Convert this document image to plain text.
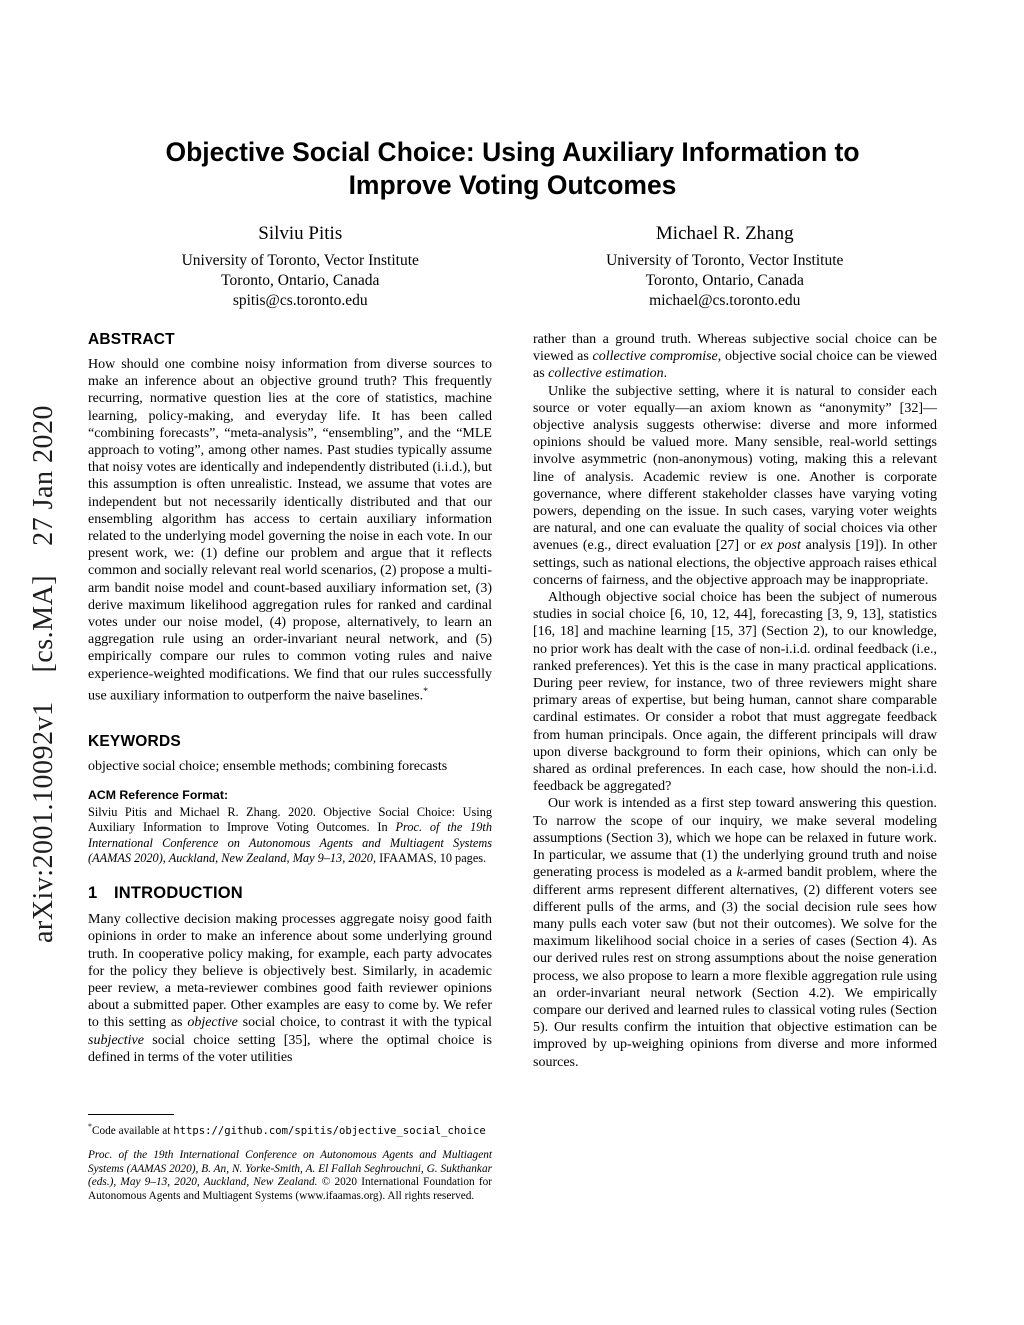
arXiv:2001.10092v1  [cs.MA]  27 Jan 2020
Objective Social Choice: Using Auxiliary Information to
Improve Voting Outcomes
Silviu Pitis
University of Toronto, Vector Institute
Toronto, Ontario, Canada
spitis@cs.toronto.edu
Michael R. Zhang
University of Toronto, Vector Institute
Toronto, Ontario, Canada
michael@cs.toronto.edu
ABSTRACT

How should one combine noisy information from diverse sources to make an inference about an objective ground truth? This frequently recurring, normative question lies at the core of statistics, machine learning, policy-making, and everyday life. It has been called “combining forecasts”, “meta-analysis”, “ensembling”, and the “MLE approach to voting”, among other names. Past studies typically assume that noisy votes are identically and independently distributed (i.i.d.), but this assumption is often unrealistic. Instead, we assume that votes are independent but not necessarily identically distributed and that our ensembling algorithm has access to certain auxiliary information related to the underlying model governing the noise in each vote. In our present work, we: (1) define our problem and argue that it reflects common and socially relevant real world scenarios, (2) propose a multi-arm bandit noise model and count-based auxiliary information set, (3) derive maximum likelihood aggregation rules for ranked and cardinal votes under our noise model, (4) propose, alternatively, to learn an aggregation rule using an order-invariant neural network, and (5) empirically compare our rules to common voting rules and naive experience-weighted modifications. We find that our rules successfully use auxiliary information to outperform the naive baselines.*

KEYWORDS

objective social choice; ensemble methods; combining forecasts

ACM Reference Format:

Silviu Pitis and Michael R. Zhang. 2020. Objective Social Choice: Using Auxiliary Information to Improve Voting Outcomes. In Proc. of the 19th International Conference on Autonomous Agents and Multiagent Systems (AAMAS 2020), Auckland, New Zealand, May 9–13, 2020, IFAAMAS, 10 pages.

1 INTRODUCTION

Many collective decision making processes aggregate noisy good faith opinions in order to make an inference about some underlying ground truth. In cooperative policy making, for example, each party advocates for the policy they believe is objectively best. Similarly, in academic peer review, a meta-reviewer combines good faith reviewer opinions about a submitted paper. Other examples are easy to come by. We refer to this setting as objective social choice, to contrast it with the typical subjective social choice setting [35], where the optimal choice is defined in terms of the voter utilities

*Code available at https://github.com/spitis/objective_social_choice

Proc. of the 19th International Conference on Autonomous Agents and Multiagent Systems (AAMAS 2020), B. An, N. Yorke-Smith, A. El Fallah Seghrouchni, G. Sukthankar (eds.), May 9–13, 2020, Auckland, New Zealand. © 2020 International Foundation for Autonomous Agents and Multiagent Systems (www.ifaamas.org). All rights reserved.

rather than a ground truth. Whereas subjective social choice can be viewed as collective compromise, objective social choice can be viewed as collective estimation.

Unlike the subjective setting, where it is natural to consider each source or voter equally—an axiom known as “anonymity” [32]—objective analysis suggests otherwise: diverse and more informed opinions should be valued more. Many sensible, real-world settings involve asymmetric (non-anonymous) voting, making this a relevant line of analysis. Academic review is one. Another is corporate governance, where different stakeholder classes have varying voting powers, depending on the issue. In such cases, varying voter weights are natural, and one can evaluate the quality of social choices via other avenues (e.g., direct evaluation [27] or ex post analysis [19]). In other settings, such as national elections, the objective approach raises ethical concerns of fairness, and the objective approach may be inappropriate.

Although objective social choice has been the subject of numerous studies in social choice [6, 10, 12, 44], forecasting [3, 9, 13], statistics [16, 18] and machine learning [15, 37] (Section 2), to our knowledge, no prior work has dealt with the case of non-i.i.d. ordinal feedback (i.e., ranked preferences). Yet this is the case in many practical applications. During peer review, for instance, two of three reviewers might share primary areas of expertise, but being human, cannot share comparable cardinal estimates. Or consider a robot that must aggregate feedback from human principals. Once again, the different principals will draw upon diverse background to form their opinions, which can only be shared as ordinal preferences. In each case, how should the non-i.i.d. feedback be aggregated?

Our work is intended as a first step toward answering this question. To narrow the scope of our inquiry, we make several modeling assumptions (Section 3), which we hope can be relaxed in future work. In particular, we assume that (1) the underlying ground truth and noise generating process is modeled as a k-armed bandit problem, where the different arms represent different alternatives, (2) different voters see different pulls of the arms, and (3) the social decision rule sees how many pulls each voter saw (but not their outcomes). We solve for the maximum likelihood social choice in a series of cases (Section 4). As our derived rules rest on strong assumptions about the noise generation process, we also propose to learn a more flexible aggregation rule using an order-invariant neural network (Section 4.2). We empirically compare our derived and learned rules to classical voting rules (Section 5). Our results confirm the intuition that objective estimation can be improved by up-weighing opinions from diverse and more informed sources.
